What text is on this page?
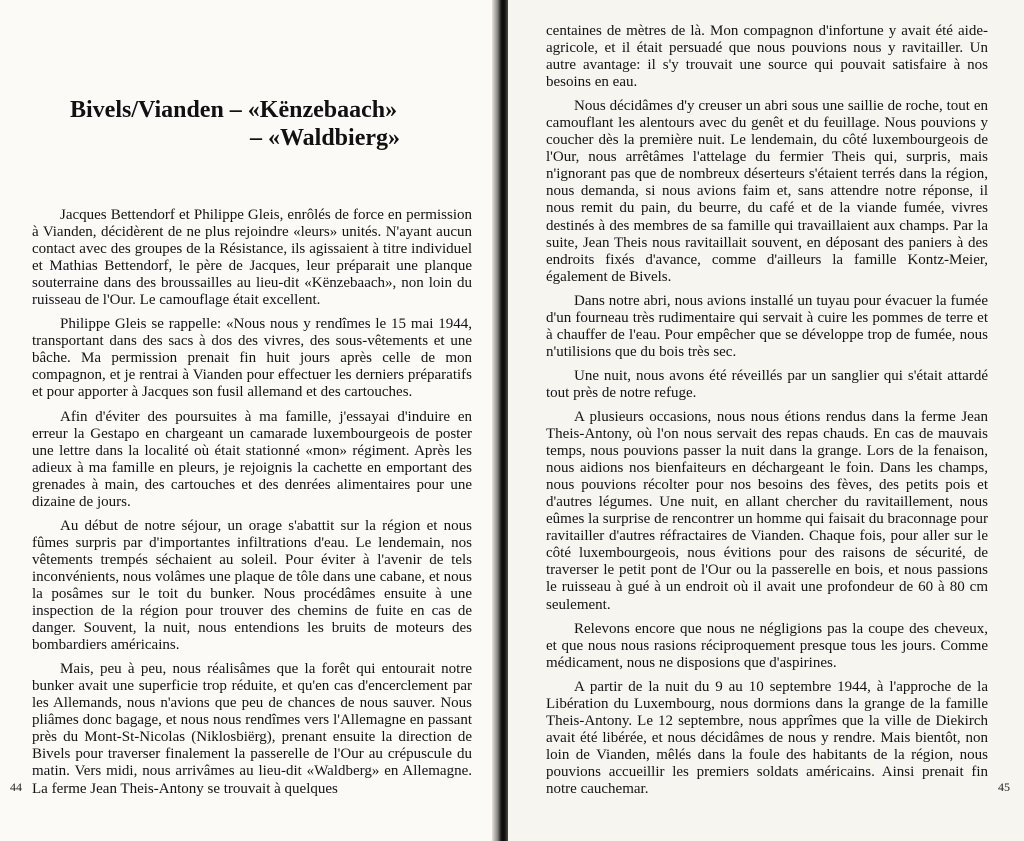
Bivels/Vianden – «Kënzebaach»
– «Waldbierg»

Jacques Bettendorf et Philippe Gleis, enrôlés de force en permission à Vianden, décidèrent de ne plus rejoindre «leurs» unités. N'ayant aucun contact avec des groupes de la Résistance, ils agissaient à titre individuel et Mathias Bettendorf, le père de Jacques, leur préparait une planque souterraine dans des broussailles au lieu-dit «Kënzebaach», non loin du ruisseau de l'Our. Le camouflage était excellent.

Philippe Gleis se rappelle: «Nous nous y rendîmes le 15 mai 1944, transportant dans des sacs à dos des vivres, des sous-vêtements et une bâche. Ma permission prenait fin huit jours après celle de mon compagnon, et je rentrai à Vianden pour effectuer les derniers préparatifs et pour apporter à Jacques son fusil allemand et des cartouches.

Afin d'éviter des poursuites à ma famille, j'essayai d'induire en erreur la Gestapo en chargeant un camarade luxembourgeois de poster une lettre dans la localité où était stationné «mon» régiment. Après les adieux à ma famille en pleurs, je rejoignis la cachette en emportant des grenades à main, des cartouches et des denrées alimentaires pour une dizaine de jours.

Au début de notre séjour, un orage s'abattit sur la région et nous fûmes surpris par d'importantes infiltrations d'eau. Le lendemain, nos vêtements trempés séchaient au soleil. Pour éviter à l'avenir de tels inconvénients, nous volâmes une plaque de tôle dans une cabane, et nous la posâmes sur le toit du bunker. Nous procédâmes ensuite à une inspection de la région pour trouver des chemins de fuite en cas de danger. Souvent, la nuit, nous entendions les bruits de moteurs des bombardiers américains.

Mais, peu à peu, nous réalisâmes que la forêt qui entourait notre bunker avait une superficie trop réduite, et qu'en cas d'encerclement par les Allemands, nous n'avions que peu de chances de nous sauver. Nous pliâmes donc bagage, et nous nous rendîmes vers l'Allemagne en passant près du Mont-St-Nicolas (Niklosbiërg), prenant ensuite la direction de Bivels pour traverser finalement la passerelle de l'Our au crépuscule du matin. Vers midi, nous arrivâmes au lieu-dit «Waldberg» en Allemagne. La ferme Jean Theis-Antony se trouvait à quelques

44

centaines de mètres de là. Mon compagnon d'infortune y avait été aide-agricole, et il était persuadé que nous pouvions nous y ravitailler. Un autre avantage: il s'y trouvait une source qui pouvait satisfaire à nos besoins en eau.

Nous décidâmes d'y creuser un abri sous une saillie de roche, tout en camouflant les alentours avec du genêt et du feuillage. Nous pouvions y coucher dès la première nuit. Le lendemain, du côté luxembourgeois de l'Our, nous arrêtâmes l'attelage du fermier Theis qui, surpris, mais n'ignorant pas que de nombreux déserteurs s'étaient terrés dans la région, nous demanda, si nous avions faim et, sans attendre notre réponse, il nous remit du pain, du beurre, du café et de la viande fumée, vivres destinés à des membres de sa famille qui travaillaient aux champs. Par la suite, Jean Theis nous ravitaillait souvent, en déposant des paniers à des endroits fixés d'avance, comme d'ailleurs la famille Kontz-Meier, également de Bivels.

Dans notre abri, nous avions installé un tuyau pour évacuer la fumée d'un fourneau très rudimentaire qui servait à cuire les pommes de terre et à chauffer de l'eau. Pour empêcher que se développe trop de fumée, nous n'utilisions que du bois très sec.

Une nuit, nous avons été réveillés par un sanglier qui s'était attardé tout près de notre refuge.

A plusieurs occasions, nous nous étions rendus dans la ferme Jean Theis-Antony, où l'on nous servait des repas chauds. En cas de mauvais temps, nous pouvions passer la nuit dans la grange. Lors de la fenaison, nous aidions nos bienfaiteurs en déchargeant le foin. Dans les champs, nous pouvions récolter pour nos besoins des fèves, des petits pois et d'autres légumes. Une nuit, en allant chercher du ravitaillement, nous eûmes la surprise de rencontrer un homme qui faisait du braconnage pour ravitailler d'autres réfractaires de Vianden. Chaque fois, pour aller sur le côté luxembourgeois, nous évitions pour des raisons de sécurité, de traverser le petit pont de l'Our ou la passerelle en bois, et nous passions le ruisseau à gué à un endroit où il avait une profondeur de 60 à 80 cm seulement.

Relevons encore que nous ne négligions pas la coupe des cheveux, et que nous nous rasions réciproquement presque tous les jours. Comme médicament, nous ne disposions que d'aspirines.

A partir de la nuit du 9 au 10 septembre 1944, à l'approche de la Libération du Luxembourg, nous dormions dans la grange de la famille Theis-Antony. Le 12 septembre, nous apprîmes que la ville de Diekirch avait été libérée, et nous décidâmes de nous y rendre. Mais bientôt, non loin de Vianden, mêlés dans la foule des habitants de la région, nous pouvions accueillir les premiers soldats américains. Ainsi prenait fin notre cauchemar.	45
